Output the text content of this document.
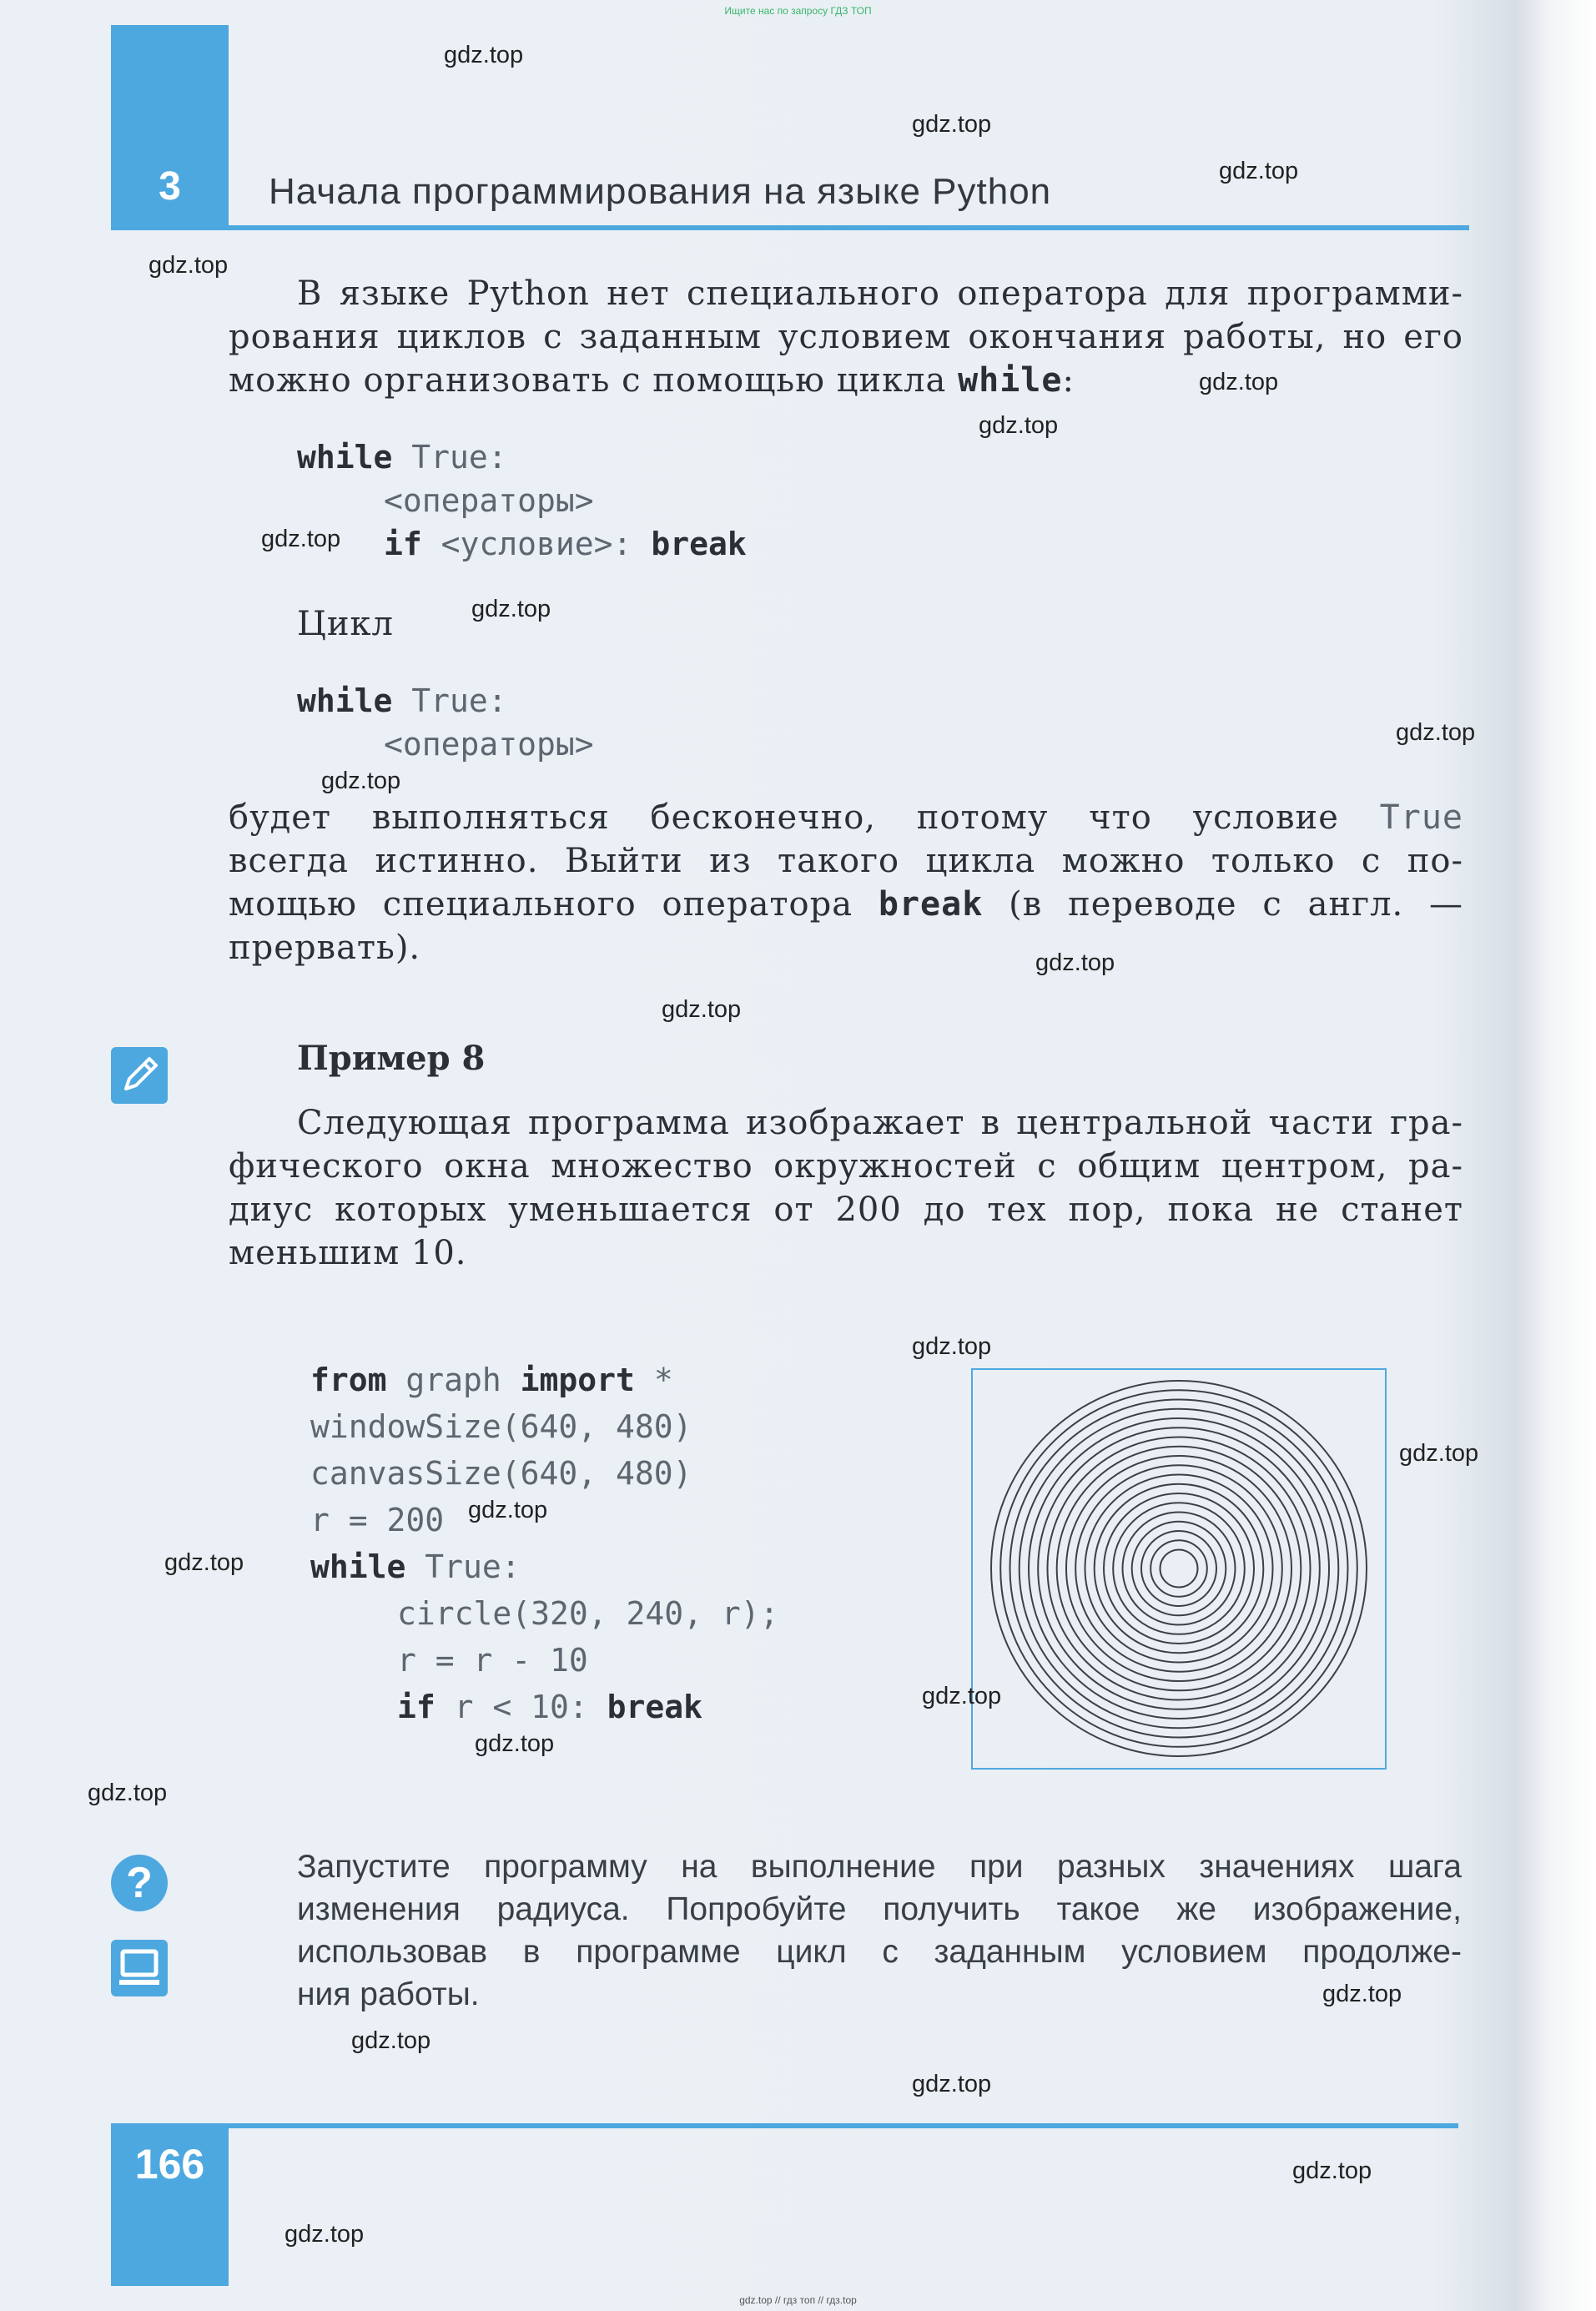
Ищите нас по запросу ГДЗ ТОП
3	Начала программирования на языке Python
В языке Python нет специального оператора для программи-
рования циклов с заданным условием окончания работы, но его
можно организовать с помощью цикла while:
while True:
<операторы>
if <условие>: break
Цикл
while True:
<операторы>
будет выполняться бесконечно, потому что условие True
всегда истинно. Выйти из такого цикла можно только с по-
мощью специального оператора break (в переводе с англ. —
прервать).
Пример 8
Следующая программа изображает в центральной части гра-
фического окна множество окружностей с общим центром, ра-
диус которых уменьшается от 200 до тех пор, пока не станет
меньшим 10.
from graph import *
windowSize(640, 480)
canvasSize(640, 480)
r = 200
while True:
circle(320, 240, r);
r = r - 10
if r < 10: break
?	Запустите программу на выполнение при разных значениях шага
изменения радиуса. Попробуйте получить такое же изображение,
использовав в программе цикл с заданным условием продолже-
ния работы.
166
gdz.top
gdz.top
gdz.top
gdz.top
gdz.top
gdz.top
gdz.top
gdz.top
gdz.top
gdz.top
gdz.top
gdz.top
gdz.top
gdz.top
gdz.top
gdz.top
gdz.top
gdz.top
gdz.top
gdz.top
gdz.top
gdz.top
gdz.top
gdz.top
gdz.top // гдз топ // гдз.top
